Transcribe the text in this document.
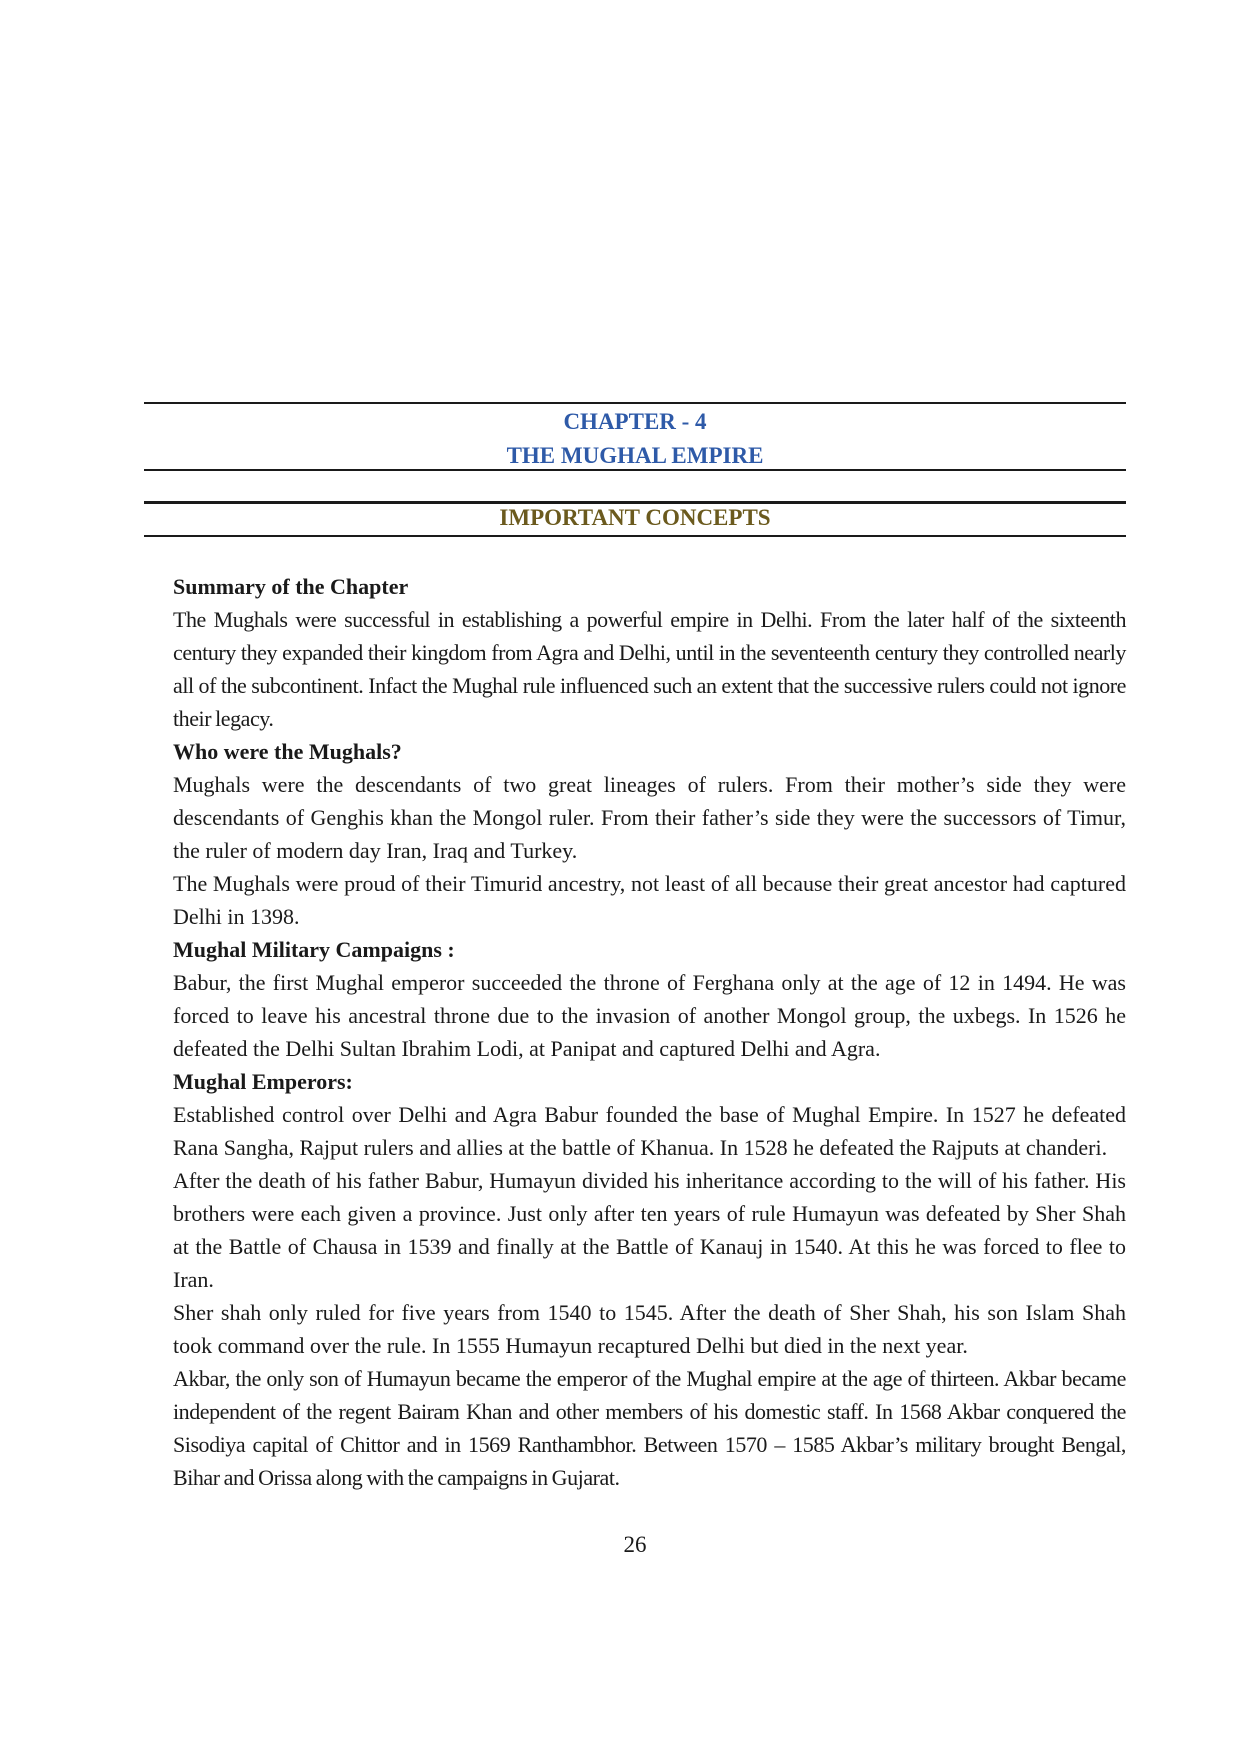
CHAPTER - 4
THE MUGHAL EMPIRE
IMPORTANT CONCEPTS
Summary of the Chapter

The Mughals were successful in establishing a powerful empire in Delhi. From the later half of the sixteenth century they expanded their kingdom from Agra and Delhi, until in the seventeenth century they controlled nearly all of the subcontinent. Infact the Mughal rule influenced such an extent that the successive rulers could not ignore their legacy.

Who were the Mughals?

Mughals were the descendants of two great lineages of rulers. From their mother’s side they were descendants of Genghis khan the Mongol ruler. From their father’s side they were the successors of Timur, the ruler of modern day Iran, Iraq and Turkey.

The Mughals were proud of their Timurid ancestry, not least of all because their great ancestor had captured Delhi in 1398.

Mughal Military Campaigns :

Babur, the first Mughal emperor succeeded the throne of Ferghana only at the age of 12 in 1494. He was forced to leave his ancestral throne due to the invasion of another Mongol group, the uxbegs. In 1526 he defeated the Delhi Sultan Ibrahim Lodi, at Panipat and captured Delhi and Agra.

Mughal Emperors:

Established control over Delhi and Agra Babur founded the base of Mughal Empire. In 1527 he defeated Rana Sangha, Rajput rulers and allies at the battle of Khanua. In 1528 he defeated the Rajputs at chanderi.

After the death of his father Babur, Humayun divided his inheritance according to the will of his father. His brothers were each given a province. Just only after ten years of rule Humayun was defeated by Sher Shah at the Battle of Chausa in 1539 and finally at the Battle of Kanauj in 1540. At this he was forced to flee to Iran.

Sher shah only ruled for five years from 1540 to 1545. After the death of Sher Shah, his son Islam Shah took command over the rule. In 1555 Humayun recaptured Delhi but died in the next year.

Akbar, the only son of Humayun became the emperor of the Mughal empire at the age of thirteen. Akbar became independent of the regent Bairam Khan and other members of his domestic staff. In 1568 Akbar conquered the Sisodiya capital of Chittor and in 1569 Ranthambhor. Between 1570 – 1585 Akbar’s military brought Bengal, Bihar and Orissa along with the campaigns in Gujarat.

26
